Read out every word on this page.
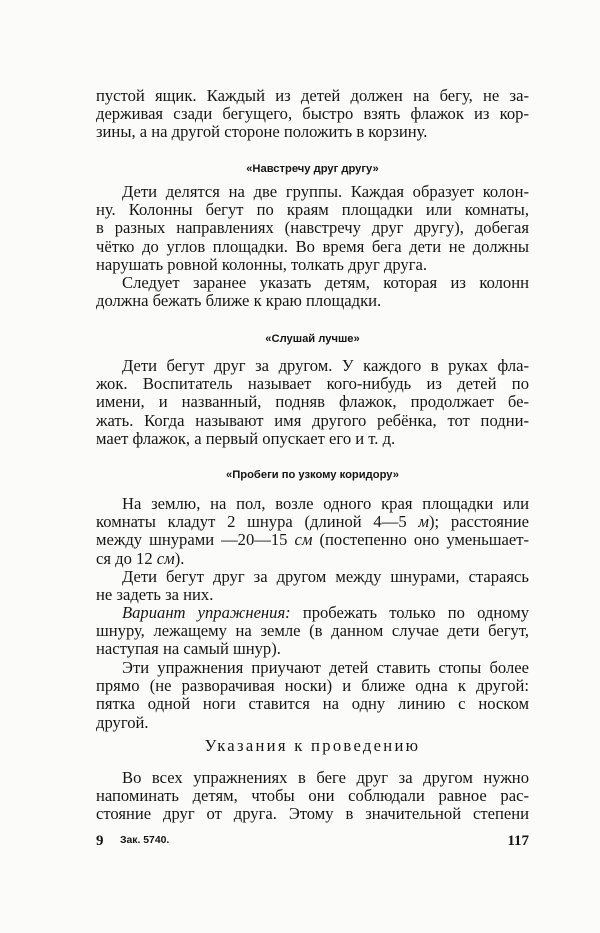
пустой ящик. Каждый из детей должен на бегу, не за-
держивая сзади бегущего, быстро взять флажок из кор-
зины, а на другой стороне положить в корзину.
«Навстречу друг другу»
Дети делятся на две группы. Каждая образует колон-
ну. Колонны бегут по краям площадки или комнаты,
в разных направлениях (навстречу друг другу), добегая
чётко до углов площадки. Во время бега дети не должны
нарушать ровной колонны, толкать друг друга.
Следует заранее указать детям, которая из колонн
должна бежать ближе к краю площадки.
«Слушай лучше»
Дети бегут друг за другом. У каждого в руках фла-
жок. Воспитатель называет кого-нибудь из детей по
имени, и названный, подняв флажок, продолжает бе-
жать. Когда называют имя другого ребёнка, тот подни-
мает флажок, а первый опускает его и т. д.
«Пробеги по узкому коридору»
На землю, на пол, возле одного края площадки или
комнаты кладут 2 шнура (длиной 4—5 м); расстояние
между шнурами —20—15 см (постепенно оно уменьшает-
ся до 12 см).
Дети бегут друг за другом между шнурами, стараясь
не задеть за них.
Вариант упражнения: пробежать только по одному
шнуру, лежащему на земле (в данном случае дети бегут,
наступая на самый шнур).
Эти упражнения приучают детей ставить стопы более
прямо (не разворачивая носки) и ближе одна к другой:
пятка одной ноги ставится на одну линию с носком
другой.
Указания к проведению
Во всех упражнениях в беге друг за другом нужно
напоминать детям, чтобы они соблюдали равное рас-
стояние друг от друга. Этому в значительной степени
9 Зак. 5740.	117
